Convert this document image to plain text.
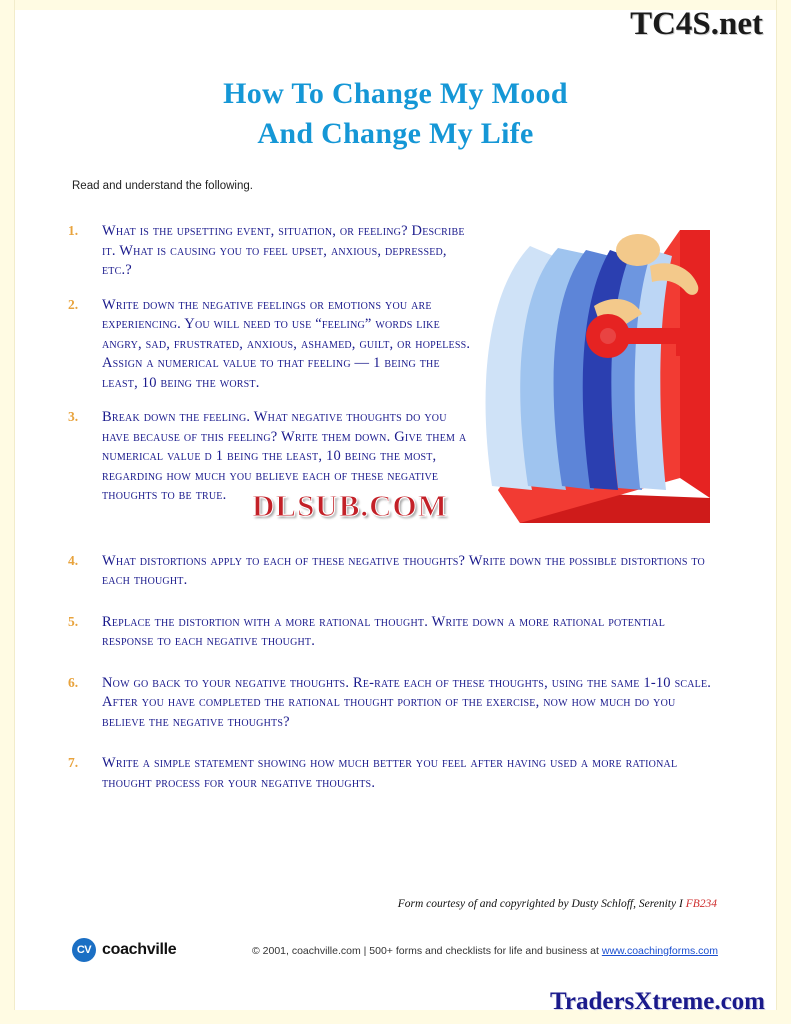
TC4S.net
How To Change My Mood
And Change My Life
Read and understand the following.
DLSUB.COM
1.	What is the upsetting event, situation, or feeling? Describe it. What is causing you to feel upset, anxious, depressed, etc.?
2.	Write down the negative feelings or emotions you are experiencing. You will need to use “feeling” words like angry, sad, frustrated, anxious, ashamed, guilt, or hopeless. Assign a numerical value to that feeling — 1 being the least, 10 being the worst.
3.	Break down the feeling. What negative thoughts do you have because of this feeling? Write them down. Give them a numerical value d 1 being the least, 10 being the most, regarding how much you believe each of these negative thoughts to be true.
4.	What distortions apply to each of these negative thoughts? Write down the possible distortions to each thought.
5.	Replace the distortion with a more rational thought. Write down a more rational potential response to each negative thought.
6.	Now go back to your negative thoughts. Re-rate each of these thoughts, using the same 1-10 scale. After you have completed the rational thought portion of the exercise, now how much do you believe the negative thoughts?
7.	Write a simple statement showing how much better you feel after having used a more rational thought process for your negative thoughts.
Form courtesy of and copyrighted by Dusty Schloff, Serenity I FB234
CV coachville	© 2001, coachville.com | 500+ forms and checklists for life and business at www.coachingforms.com
TradersXtreme.com
